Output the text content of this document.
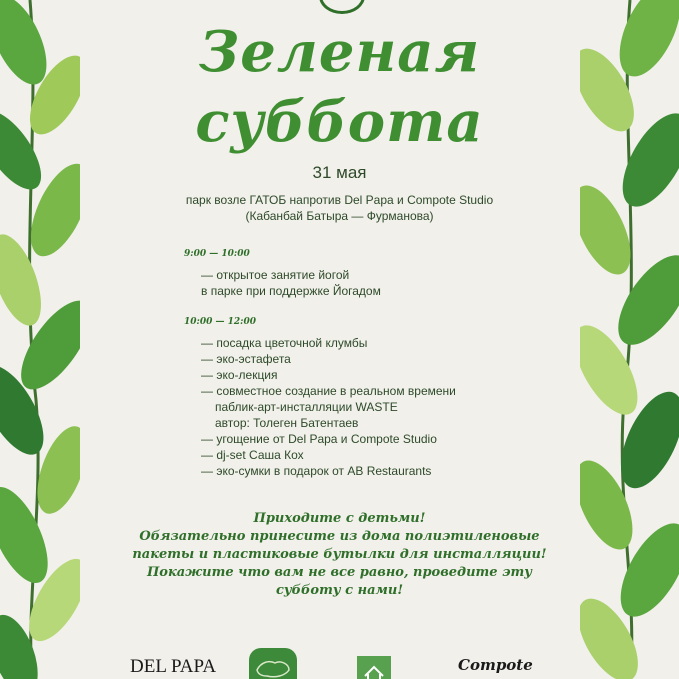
Зеленая
суббота
31 мая
парк возле ГАТОБ напротив Del Papa и Compote Studio
(Кабанбай Батыра — Фурманова)
9:00 — 10:00
— открытое занятие йогой
в парке при поддержке Йогадом
10:00 — 12:00
— посадка цветочной клумбы
— эко-эстафета
— эко-лекция
— совместное создание в реальном времени
паблик-арт-инсталляции WASTE
автор: Толеген Батентаев
— угощение от Del Papa и Compote Studio
— dj-set Саша Кох
— эко-сумки в подарок от AB Restaurants
Приходите с детьми!
Обязательно принесите из дома полиэтиленовые
пакеты и пластиковые бутылки для инсталляции!
Покажите что вам не все равно, проведите эту
субботу с нами!
DEL PAPA	Compote
